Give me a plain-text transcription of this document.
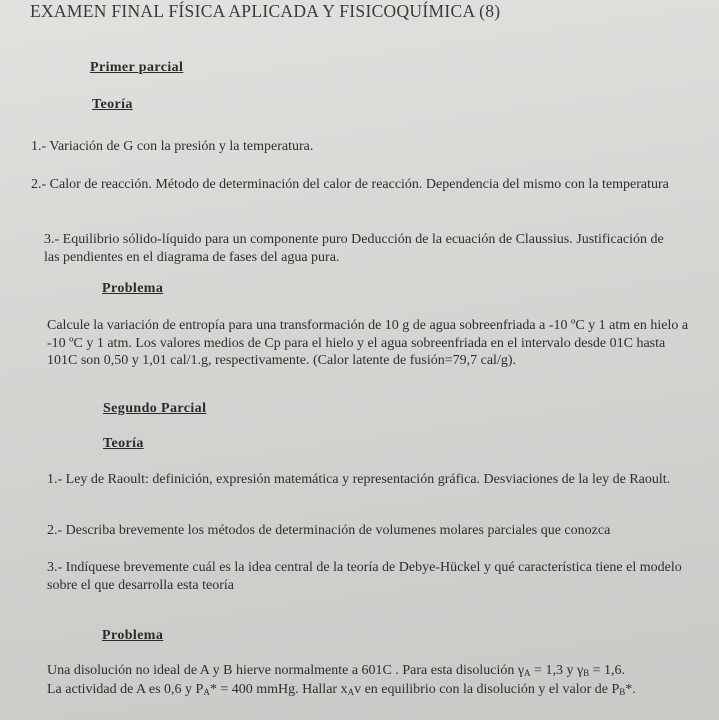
EXAMEN FINAL FÍSICA APLICADA Y FISICOQUÍMICA (8)
Primer parcial
Teoría
1.- Variación de G con la presión y la temperatura.
2.- Calor de reacción. Método de determinación del calor de reacción. Dependencia del mismo con la temperatura
3.- Equilibrio sólido-líquido para un componente puro Deducción de la ecuación de Claussius. Justificación de las pendientes en el diagrama de fases del agua pura.
Problema
Calcule la variación de entropía para una transformación de 10 g de agua sobreenfriada a -10 ºC y 1 atm en hielo a -10 ºC y 1 atm. Los valores medios de Cp para el hielo y el agua sobreenfriada en el intervalo desde 01C hasta 101C son 0,50 y 1,01 cal/1.g, respectivamente. (Calor latente de fusión=79,7 cal/g).
Segundo Parcial
Teoría
1.- Ley de Raoult: definición, expresión matemática y representación gráfica. Desviaciones de la ley de Raoult.
2.- Describa brevemente los métodos de determinación de volumenes molares parciales que conozca
3.- Indíquese brevemente cuál es la idea central de la teoría de Debye-Hückel y qué característica tiene el modelo sobre el que desarrolla esta teoría
Problema
Una disolución no ideal de A y B hierve normalmente a 601C . Para esta disolución $\gamma_A = 1,3$ y $\gamma_B = 1,6$.
La actividad de A es 0,6 y $P_A* = 400$ mmHg. Hallar $x_Av$ en equilibrio con la disolución y el valor de $P_B*$.
